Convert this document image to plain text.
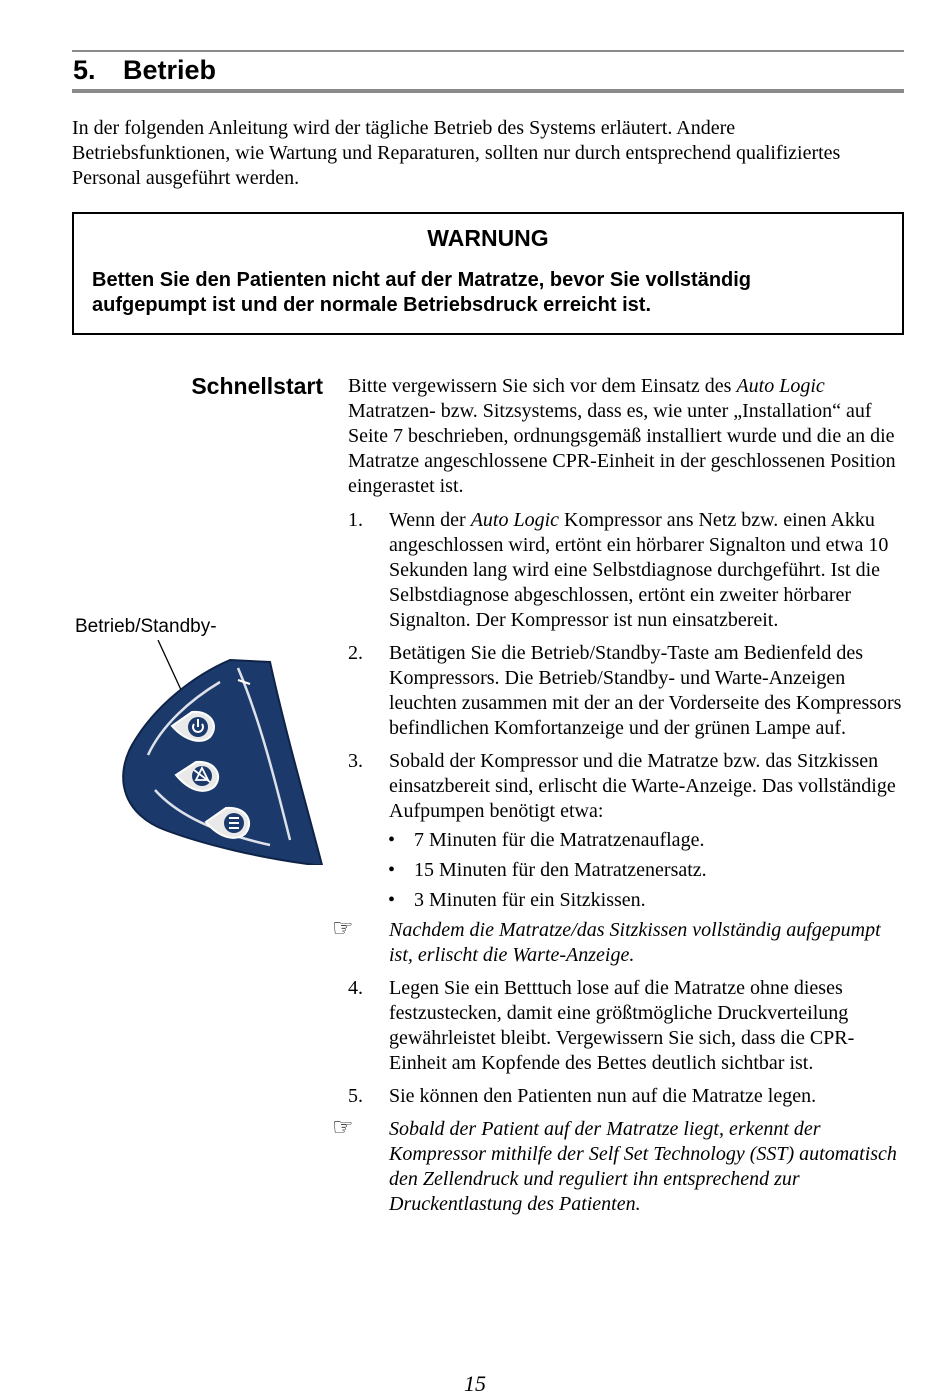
5. Betrieb

In der folgenden Anleitung wird der tägliche Betrieb des Systems erläutert. Andere Betriebsfunktionen, wie Wartung und Reparaturen, sollten nur durch entsprechend qualifiziertes Personal ausgeführt werden.

WARNUNG
Betten Sie den Patienten nicht auf der Matratze, bevor Sie vollständig aufgepumpt ist und der normale Betriebsdruck erreicht ist.
Schnellstart
Betrieb/Standby-

Bitte vergewissern Sie sich vor dem Einsatz des Auto Logic Matratzen- bzw. Sitzsystems, dass es, wie unter „Installation“ auf Seite 7 beschrieben, ordnungsgemäß installiert wurde und die an die Matratze angeschlossene CPR-Einheit in der geschlossenen Position eingerastet ist.

1. Wenn der Auto Logic Kompressor ans Netz bzw. einen Akku angeschlossen wird, ertönt ein hörbarer Signalton und etwa 10 Sekunden lang wird eine Selbstdiagnose durchgeführt. Ist die Selbstdiagnose abgeschlossen, ertönt ein zweiter hörbarer Signalton. Der Kompressor ist nun einsatzbereit.
2. Betätigen Sie die Betrieb/Standby-Taste am Bedienfeld des Kompressors. Die Betrieb/Standby- und Warte-Anzeigen leuchten zusammen mit der an der Vorderseite des Kompressors befindlichen Komfortanzeige und der grünen Lampe auf.
3. Sobald der Kompressor und die Matratze bzw. das Sitzkissen einsatzbereit sind, erlischt die Warte-Anzeige. Das vollständige Aufpumpen benötigt etwa:
• 7 Minuten für die Matratzenauflage.
• 15 Minuten für den Matratzenersatz.
• 3 Minuten für ein Sitzkissen.

☞ Nachdem die Matratze/das Sitzkissen vollständig aufgepumpt ist, erlischt die Warte-Anzeige.

4. Legen Sie ein Betttuch lose auf die Matratze ohne dieses festzustecken, damit eine größtmögliche Druckverteilung gewährleistet bleibt. Vergewissern Sie sich, dass die CPR-Einheit am Kopfende des Bettes deutlich sichtbar ist.
5. Sie können den Patienten nun auf die Matratze legen.

☞ Sobald der Patient auf der Matratze liegt, erkennt der Kompressor mithilfe der Self Set Technology (SST) automatisch den Zellendruck und reguliert ihn entsprechend zur Druckentlastung des Patienten.

15
